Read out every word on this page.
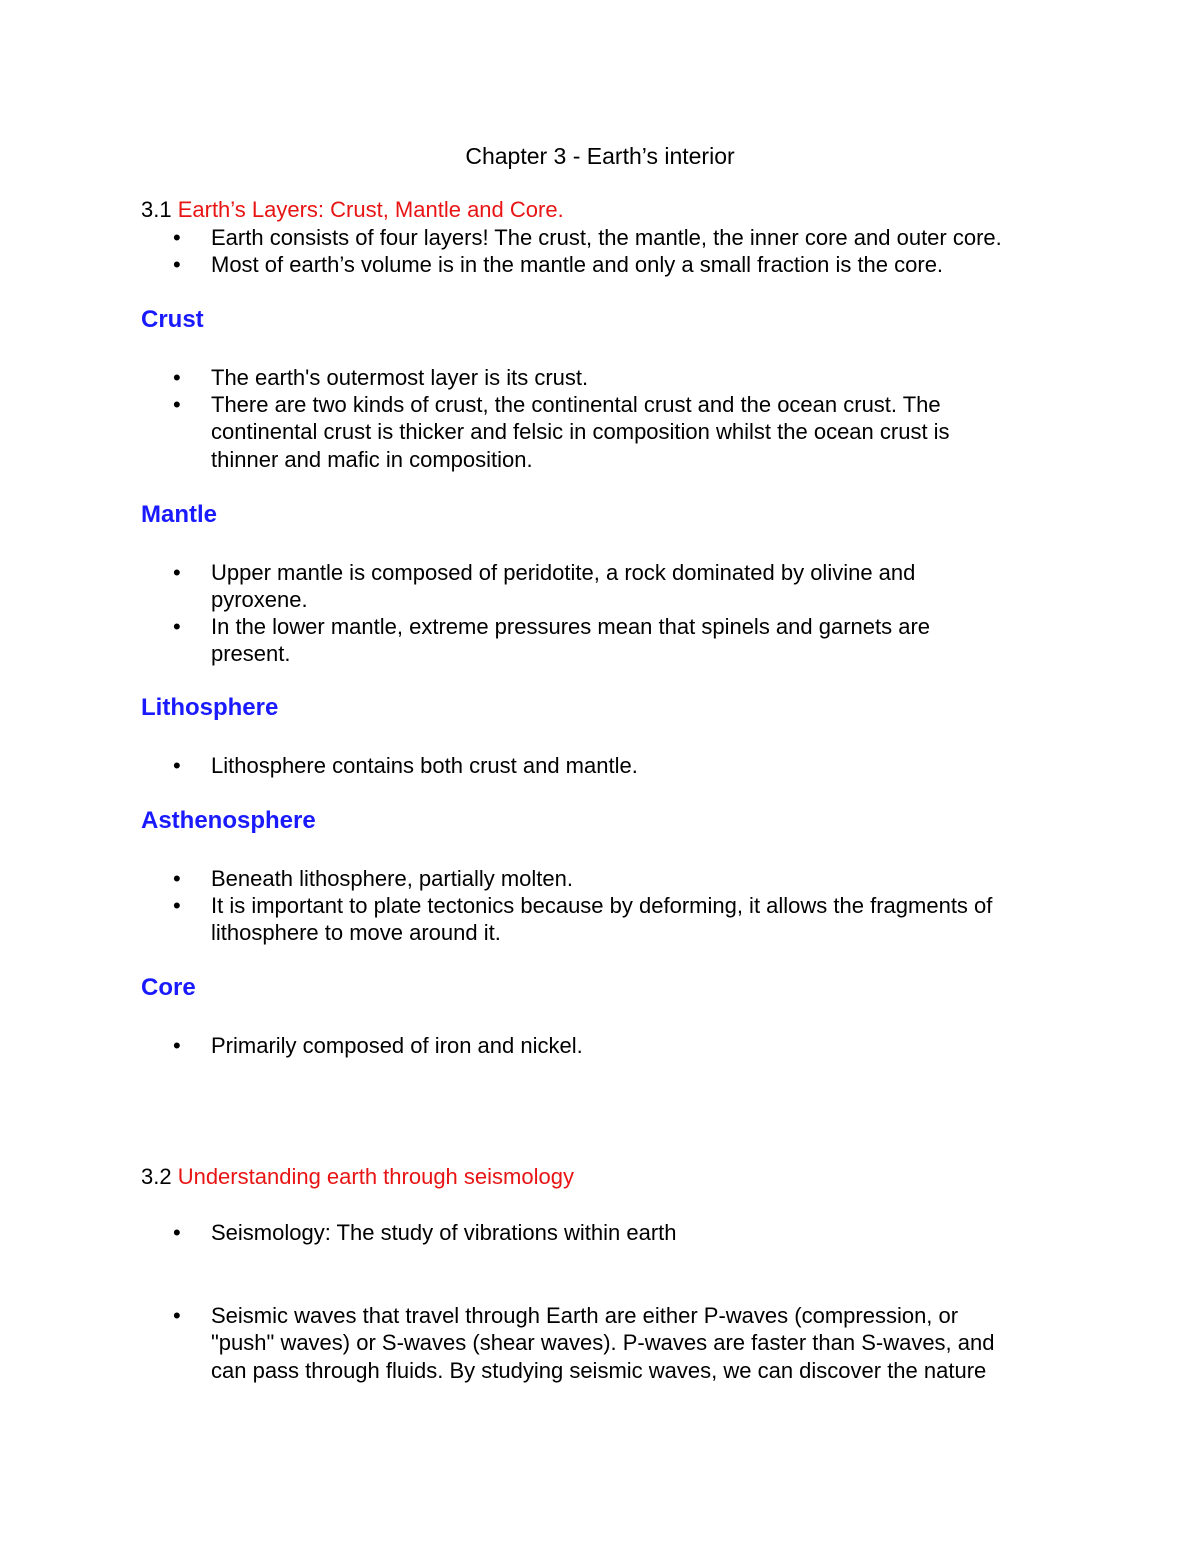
Chapter 3 - Earth’s interior
3.1 Earth’s Layers: Crust, Mantle and Core.
• Earth consists of four layers! The crust, the mantle, the inner core and outer core.
• Most of earth’s volume is in the mantle and only a small fraction is the core.
Crust
• The earth's outermost layer is its crust.
• There are two kinds of crust, the continental crust and the ocean crust. The
continental crust is thicker and felsic in composition whilst the ocean crust is
thinner and mafic in composition.
Mantle
• Upper mantle is composed of peridotite, a rock dominated by olivine and
pyroxene.
• In the lower mantle, extreme pressures mean that spinels and garnets are
present.
Lithosphere
• Lithosphere contains both crust and mantle.
Asthenosphere
• Beneath lithosphere, partially molten.
• It is important to plate tectonics because by deforming, it allows the fragments of
lithosphere to move around it.
Core
• Primarily composed of iron and nickel.
3.2 Understanding earth through seismology
• Seismology: The study of vibrations within earth
• Seismic waves that travel through Earth are either P-waves (compression, or
"push" waves) or S-waves (shear waves). P-waves are faster than S-waves, and
can pass through fluids. By studying seismic waves, we can discover the nature
